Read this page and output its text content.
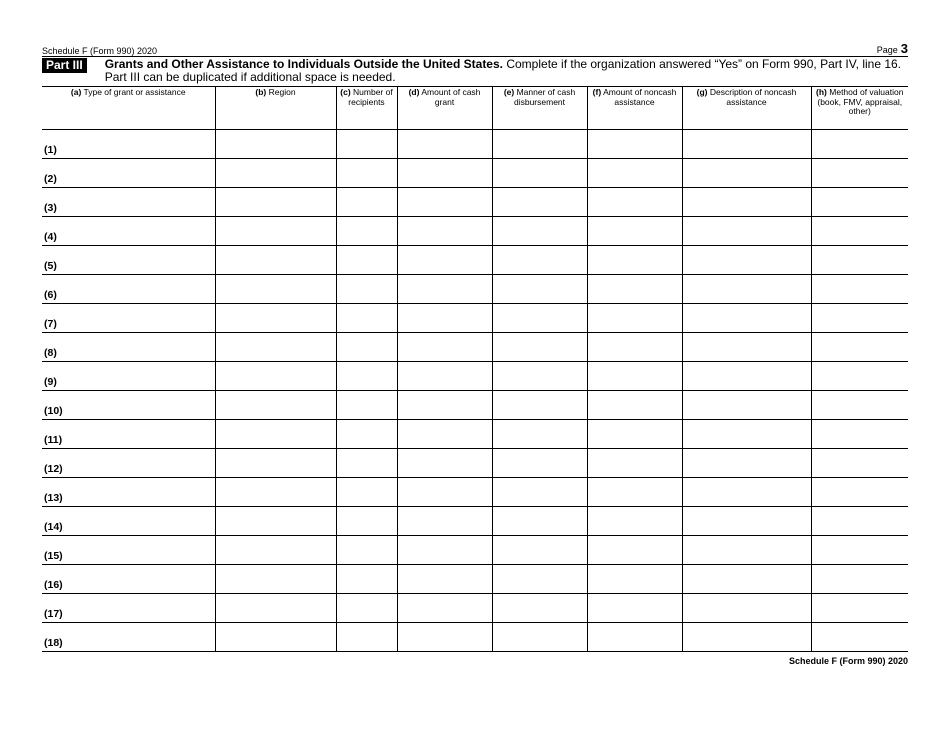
Schedule F (Form 990) 2020	Page 3
Part III	Grants and Other Assistance to Individuals Outside the United States. Complete if the organization answered “Yes” on Form 990, Part IV, line 16.
Part III can be duplicated if additional space is needed.
(a) Type of grant or assistance	(b) Region	(c) Number of recipients	(d) Amount of cash grant	(e) Manner of cash disbursement	(f) Amount of noncash assistance	(g) Description of noncash assistance	(h) Method of valuation (book, FMV, appraisal, other)
(1)							
(2)							
(3)							
(4)							
(5)							
(6)							
(7)							
(8)							
(9)							
(10)							
(11)							
(12)							
(13)							
(14)							
(15)							
(16)							
(17)							
(18)							
Schedule F (Form 990) 2020
